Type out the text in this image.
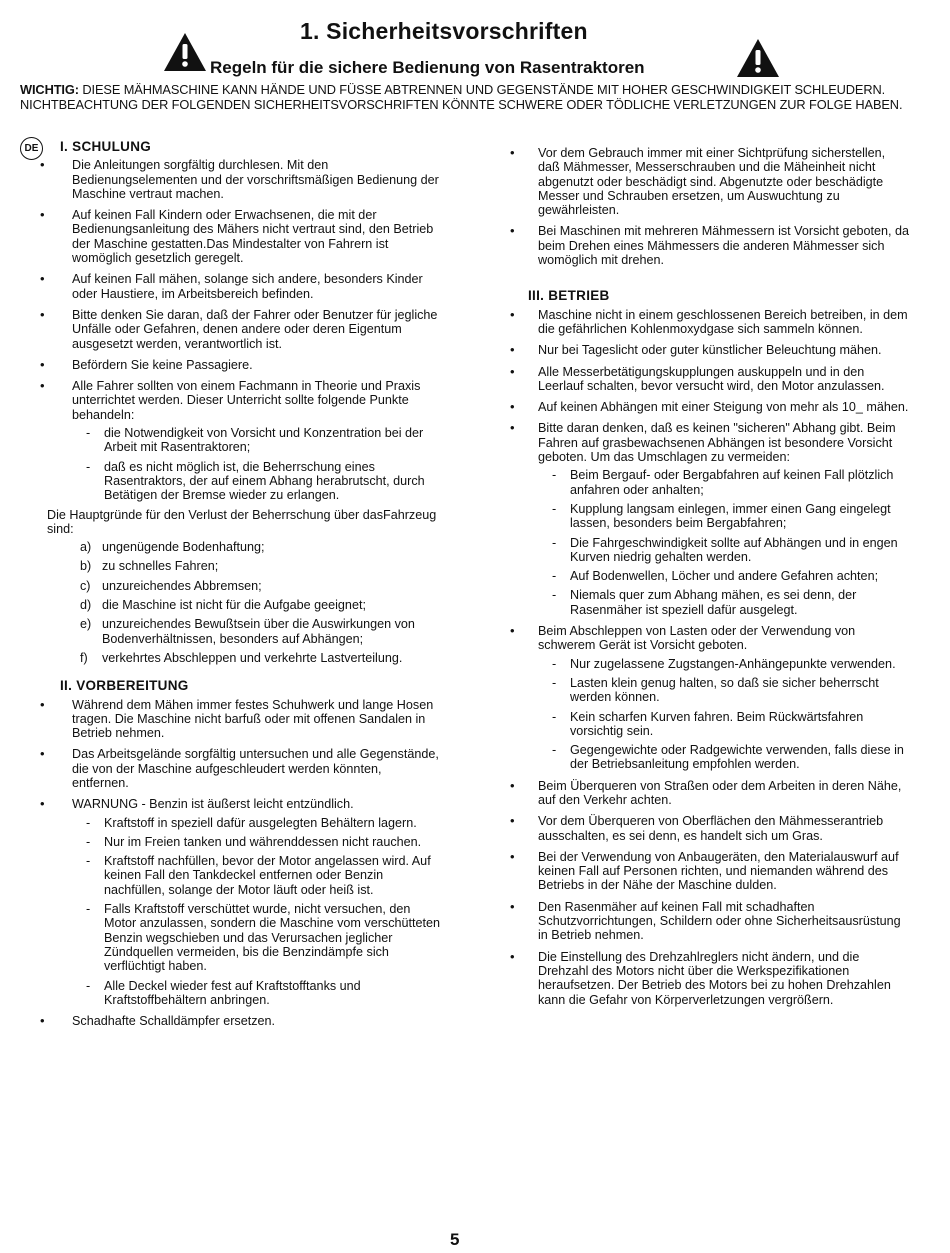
1. Sicherheitsvorschriften
Regeln für die sichere Bedienung von Rasentraktoren
WICHTIG: DIESE MÄHMASCHINE KANN HÄNDE UND FÜSSE ABTRENNEN UND GEGENSTÄNDE MIT HOHER GESCHWINDIGKEIT SCHLEUDERN. NICHTBEACHTUNG DER FOLGENDEN SICHERHEITSVORSCHRIFTEN KÖNNTE SCHWERE ODER TÖDLICHE VERLETZUNGEN ZUR FOLGE HABEN.
DE	I. SCHULUNG
• Die Anleitungen sorgfältig durchlesen. Mit den Bedienungselementen und der vorschriftsmäßigen Bedienung der Maschine vertraut machen.
• Auf keinen Fall Kindern oder Erwachsenen, die mit der Bedienungsanleitung des Mähers nicht vertraut sind, den Betrieb der Maschine gestatten.Das Mindestalter von Fahrern ist womöglich gesetzlich geregelt.
• Auf keinen Fall mähen, solange sich andere, besonders Kinder oder Haustiere, im Arbeitsbereich befinden.
• Bitte denken Sie daran, daß der Fahrer oder Benutzer für jegliche Unfälle oder Gefahren, denen andere oder deren Eigentum ausgesetzt werden, verantwortlich ist.
• Befördern Sie keine Passagiere.
• Alle Fahrer sollten von einem Fachmann in Theorie und Praxis unterrichtet werden. Dieser Unterricht sollte folgende Punkte behandeln:
- die Notwendigkeit von Vorsicht und Konzentration bei der Arbeit mit Rasentraktoren;
- daß es nicht möglich ist, die Beherrschung eines Rasentraktors, der auf einem Abhang herabrutscht, durch Betätigen der Bremse wieder zu erlangen.

Die Hauptgründe für den Verlust der Beherrschung über dasFahrzeug sind:

a) ungenügende Bodenhaftung;
b) zu schnelles Fahren;
c) unzureichendes Abbremsen;
d) die Maschine ist nicht für die Aufgabe geeignet;
e) unzureichendes Bewußtsein über die Auswirkungen von Bodenverhältnissen, besonders auf Abhängen;
f) verkehrtes Abschleppen und verkehrte Lastverteilung.
II. VORBEREITUNG
• Während dem Mähen immer festes Schuhwerk und lange Hosen tragen. Die Maschine nicht barfuß oder mit offenen Sandalen in Betrieb nehmen.
• Das Arbeitsgelände sorgfältig untersuchen und alle Gegenstände, die von der Maschine aufgeschleudert werden könnten, entfernen.
• WARNUNG - Benzin ist äußerst leicht entzündlich.
- Kraftstoff in speziell dafür ausgelegten Behältern lagern.
- Nur im Freien tanken und währenddessen nicht rauchen.
- Kraftstoff nachfüllen, bevor der Motor angelassen wird. Auf keinen Fall den Tankdeckel entfernen oder Benzin nachfüllen, solange der Motor läuft oder heiß ist.
- Falls Kraftstoff verschüttet wurde, nicht versuchen, den Motor anzulassen, sondern die Maschine vom verschütteten Benzin wegschieben und das Verursachen jeglicher Zündquellen vermeiden, bis die Benzindämpfe sich verflüchtigt haben.
- Alle Deckel wieder fest auf Kraftstofftanks und Kraftstoffbehältern anbringen.
• Schadhafte Schalldämpfer ersetzen.
• Vor dem Gebrauch immer mit einer Sichtprüfung sicherstellen, daß Mähmesser, Messerschrauben und die Mäheinheit nicht abgenutzt oder beschädigt sind. Abgenutzte oder beschädigte Messer und Schrauben ersetzen, um Auswuchtung zu gewährleisten.
• Bei Maschinen mit mehreren Mähmessern ist Vorsicht geboten, da beim Drehen eines Mähmessers die anderen Mähmesser sich womöglich mit drehen.
III. BETRIEB
• Maschine nicht in einem geschlossenen Bereich betreiben, in dem die gefährlichen Kohlenmoxydgase sich sammeln können.
• Nur bei Tageslicht oder guter künstlicher Beleuchtung mähen.
• Alle Messerbetätigungskupplungen auskuppeln und in den Leerlauf schalten, bevor versucht wird, den Motor anzulassen.
• Auf keinen Abhängen mit einer Steigung von mehr als 10_ mähen.
• Bitte daran denken, daß es keinen "sicheren" Abhang gibt. Beim Fahren auf grasbewachsenen Abhängen ist besondere Vorsicht geboten. Um das Umschlagen zu vermeiden:
- Beim Bergauf- oder Bergabfahren auf keinen Fall plötzlich anfahren oder anhalten;
- Kupplung langsam einlegen, immer einen Gang eingelegt lassen, besonders beim Bergabfahren;
- Die Fahrgeschwindigkeit sollte auf Abhängen und in engen Kurven niedrig gehalten werden.
- Auf Bodenwellen, Löcher und andere Gefahren achten;
- Niemals quer zum Abhang mähen, es sei denn, der Rasenmäher ist speziell dafür ausgelegt.
• Beim Abschleppen von Lasten oder der Verwendung von schwerem Gerät ist Vorsicht geboten.
- Nur zugelassene Zugstangen-Anhängepunkte verwenden.
- Lasten klein genug halten, so daß sie sicher beherrscht werden können.
- Kein scharfen Kurven fahren. Beim Rückwärtsfahren vorsichtig sein.
- Gegengewichte oder Radgewichte verwenden, falls diese in der Betriebsanleitung empfohlen werden.
• Beim Überqueren von Straßen oder dem Arbeiten in deren Nähe, auf den Verkehr achten.
• Vor dem Überqueren von Oberflächen den Mähmesserantrieb ausschalten, es sei denn, es handelt sich um Gras.
• Bei der Verwendung von Anbaugeräten, den Materialauswurf auf keinen Fall auf Personen richten, und niemanden während des Betriebs in der Nähe der Maschine dulden.
• Den Rasenmäher auf keinen Fall mit schadhaften Schutzvorrichtungen, Schildern oder ohne Sicherheitsausrüstung in Betrieb nehmen.
• Die Einstellung des Drehzahlreglers nicht ändern, und die Drehzahl des Motors nicht über die Werkspezifikationen heraufsetzen. Der Betrieb des Motors bei zu hohen Drehzahlen kann die Gefahr von Körperverletzungen vergrößern.
5
